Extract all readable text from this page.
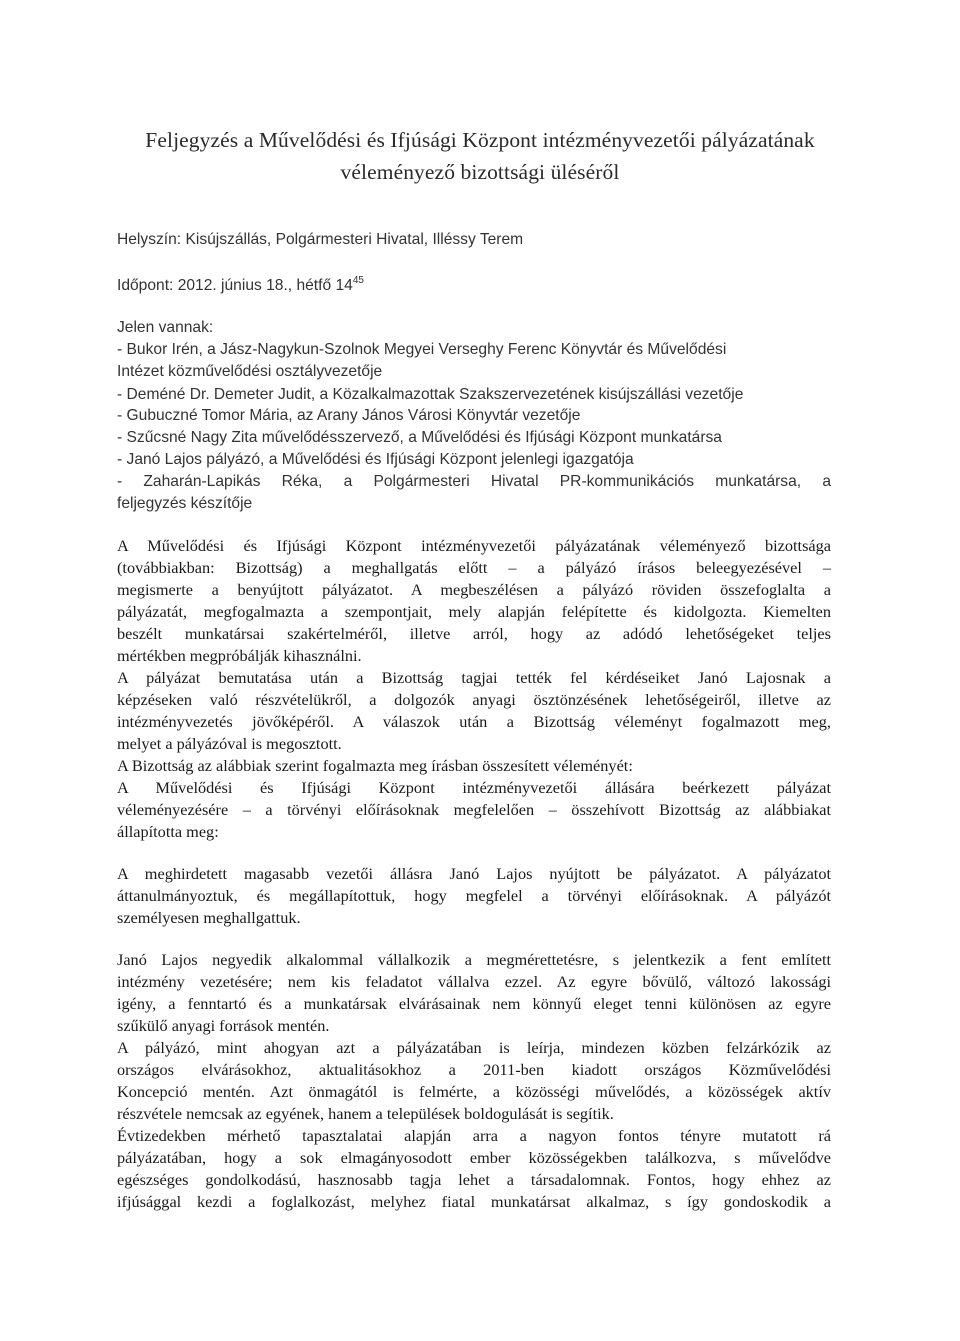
Feljegyzés a Művelődési és Ifjúsági Központ intézményvezetői pályázatának
véleményező bizottsági üléséről
Helyszín: Kisújszállás, Polgármesteri Hivatal, Illéssy Terem
Időpont: 2012. június 18., hétfő $14^{45}$
Jelen vannak:
- Bukor Irén, a Jász-Nagykun-Szolnok Megyei Verseghy Ferenc Könyvtár és Művelődési
Intézet közművelődési osztályvezetője
- Deméné Dr. Demeter Judit, a Közalkalmazottak Szakszervezetének kisújszállási vezetője
- Gubuczné Tomor Mária, az Arany János Városi Könyvtár vezetője
- Szűcsné Nagy Zita művelődésszervező, a Művelődési és Ifjúsági Központ munkatársa
- Janó Lajos pályázó, a Művelődési és Ifjúsági Központ jelenlegi igazgatója
- Zaharán-Lapikás Réka, a Polgármesteri Hivatal PR-kommunikációs munkatársa, a
feljegyzés készítője
A Művelődési és Ifjúsági Központ intézményvezetői pályázatának véleményező bizottsága
(továbbiakban: Bizottság) a meghallgatás előtt – a pályázó írásos beleegyezésével –
megismerte a benyújtott pályázatot. A megbeszélésen a pályázó röviden összefoglalta a
pályázatát, megfogalmazta a szempontjait, mely alapján felépítette és kidolgozta. Kiemelten
beszélt munkatársai szakértelméről, illetve arról, hogy az adódó lehetőségeket teljes
mértékben megpróbálják kihasználni.
A pályázat bemutatása után a Bizottság tagjai tették fel kérdéseiket Janó Lajosnak a
képzéseken való részvételükről, a dolgozók anyagi ösztönzésének lehetőségeiről, illetve az
intézményvezetés jövőképéről. A válaszok után a Bizottság véleményt fogalmazott meg,
melyet a pályázóval is megosztott.
A Bizottság az alábbiak szerint fogalmazta meg írásban összesített véleményét:
A Művelődési és Ifjúsági Központ intézményvezetői állására beérkezett pályázat
véleményezésére – a törvényi előírásoknak megfelelően – összehívott Bizottság az alábbiakat
állapította meg:
A meghirdetett magasabb vezetői állásra Janó Lajos nyújtott be pályázatot. A pályázatot
áttanulmányoztuk, és megállapítottuk, hogy megfelel a törvényi előírásoknak. A pályázót
személyesen meghallgattuk.
Janó Lajos negyedik alkalommal vállalkozik a megmérettetésre, s jelentkezik a fent említett
intézmény vezetésére; nem kis feladatot vállalva ezzel. Az egyre bővülő, változó lakossági
igény, a fenntartó és a munkatársak elvárásainak nem könnyű eleget tenni különösen az egyre
szűkülő anyagi források mentén.
A pályázó, mint ahogyan azt a pályázatában is leírja, mindezen közben felzárkózik az
országos elvárásokhoz, aktualitásokhoz a 2011-ben kiadott országos Közművelődési
Koncepció mentén. Azt önmagától is felmérte, a közösségi művelődés, a közösségek aktív
részvétele nemcsak az egyének, hanem a települések boldogulását is segítik.
Évtizedekben mérhető tapasztalatai alapján arra a nagyon fontos tényre mutatott rá
pályázatában, hogy a sok elmagányosodott ember közösségekben találkozva, s művelődve
egészséges gondolkodású, hasznosabb tagja lehet a társadalomnak. Fontos, hogy ehhez az
ifjúsággal kezdi a foglalkozást, melyhez fiatal munkatársat alkalmaz, s így gondoskodik a
